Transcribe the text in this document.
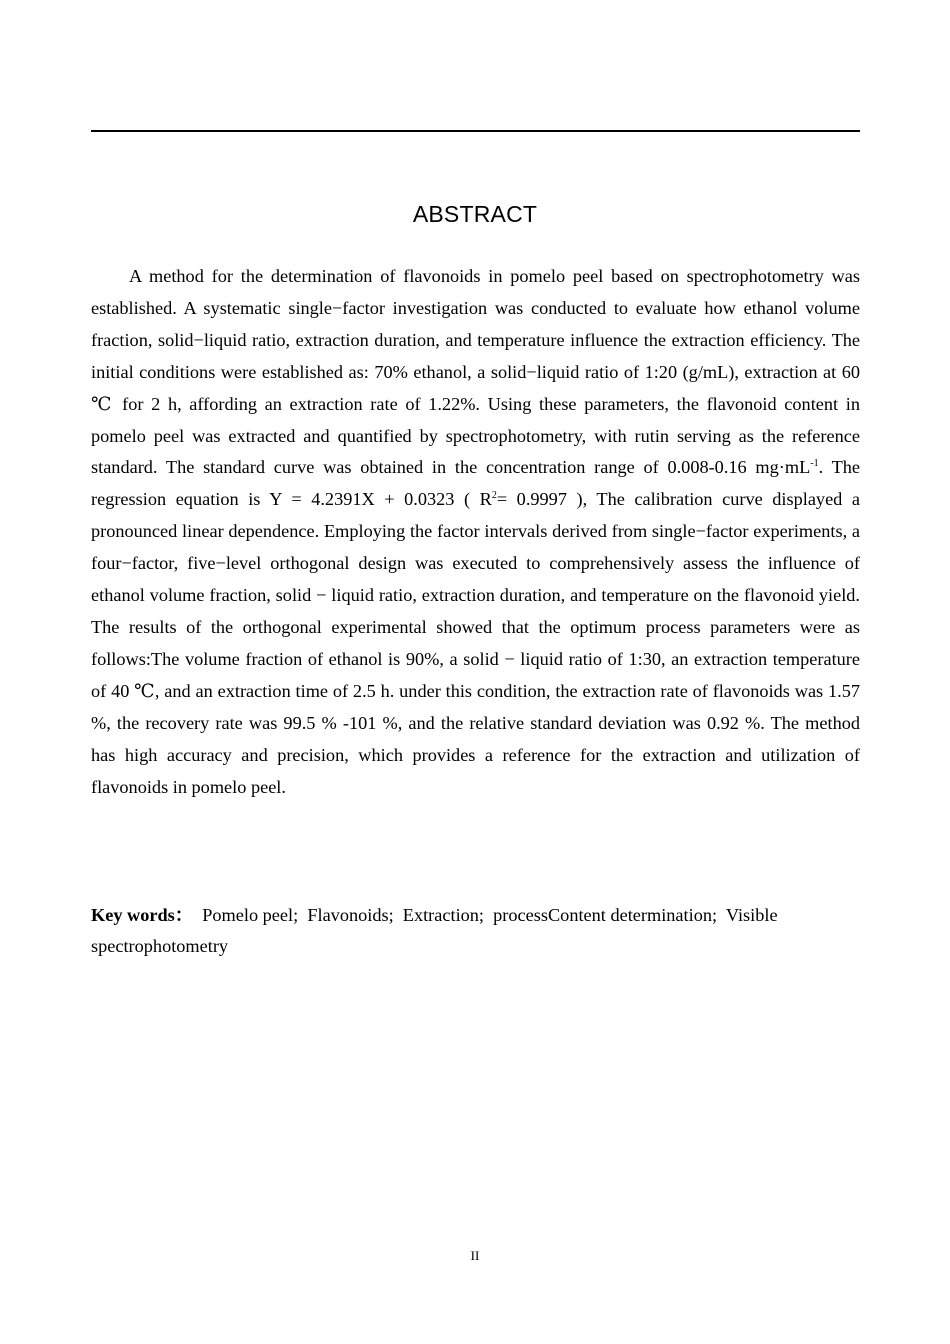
ABSTRACT

A method for the determination of flavonoids in pomelo peel based on spectrophotometry was established. A systematic single−factor investigation was conducted to evaluate how ethanol volume fraction, solid−liquid ratio, extraction duration, and temperature influence the extraction efficiency. The initial conditions were established as: 70% ethanol, a solid−liquid ratio of 1:20 (g/mL), extraction at 60 ℃ for 2 h, affording an extraction rate of 1.22%. Using these parameters, the flavonoid content in pomelo peel was extracted and quantified by spectrophotometry, with rutin serving as the reference standard. The standard curve was obtained in the concentration range of 0.008-0.16 $mg\cdot mL^{-1}$. The regression equation is Y = 4.2391X + 0.0323 ( $R^2= 0.9997$ ), The calibration curve displayed a pronounced linear dependence. Employing the factor intervals derived from single−factor experiments, a four−factor, five−level orthogonal design was executed to comprehensively assess the influence of ethanol volume fraction, solid − liquid ratio, extraction duration, and temperature on the flavonoid yield. The results of the orthogonal experimental showed that the optimum process parameters were as follows:The volume fraction of ethanol is 90%, a solid − liquid ratio of 1:30, an extraction temperature of 40 ℃, and an extraction time of 2.5 h. under this condition, the extraction rate of flavonoids was 1.57 %, the recovery rate was 99.5 % -101 %, and the relative standard deviation was 0.92 %. The method has high accuracy and precision, which provides a reference for the extraction and utilization of flavonoids in pomelo peel.

Key words：  Pomelo peel;  Flavonoids;  Extraction;  processContent determination;  Visible spectrophotometry

II
